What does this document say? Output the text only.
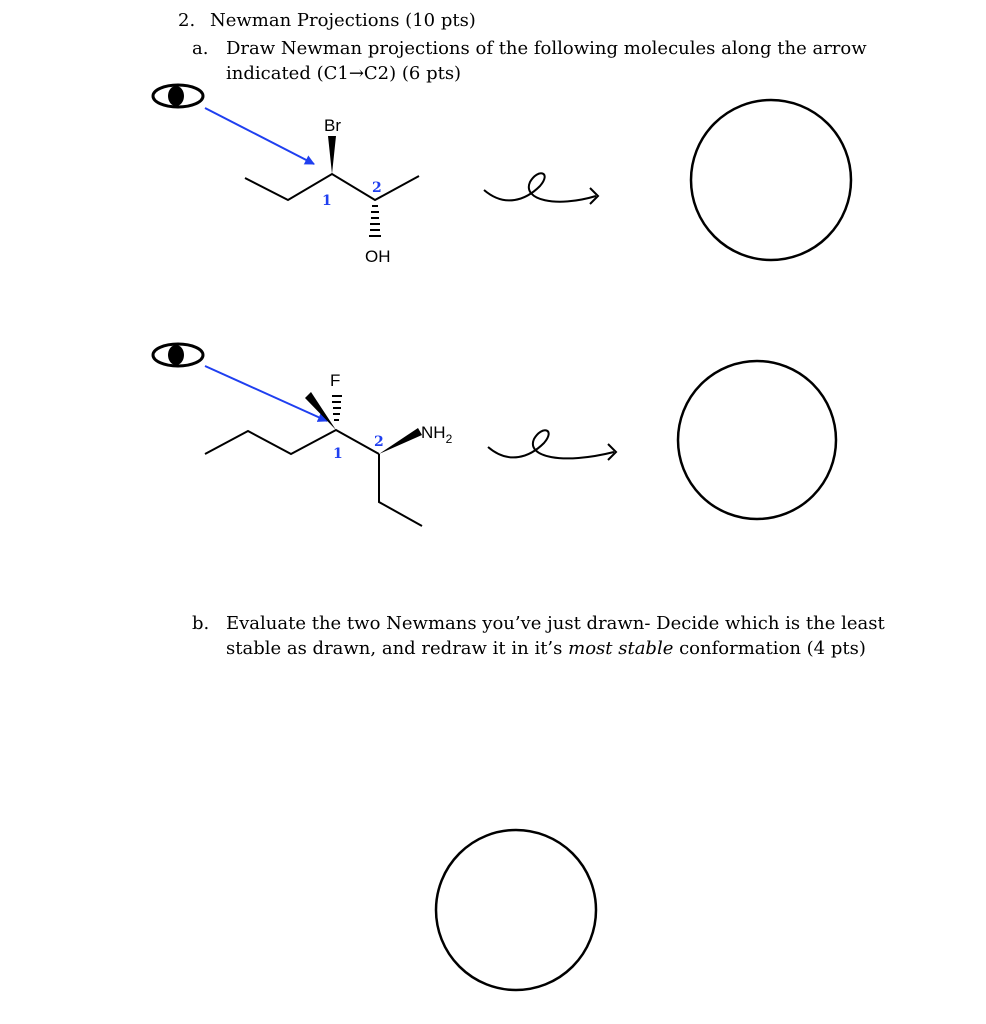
2. Newman Projections (10 pts)
a. Draw Newman projections of the following molecules along the arrow
indicated (C1→C2) (6 pts)
Br
OH
1
2
F
$NH_2$
1
2
b. Evaluate the two Newmans you’ve just drawn- Decide which is the least
stable as drawn, and redraw it in it’s most stable conformation (4 pts)
